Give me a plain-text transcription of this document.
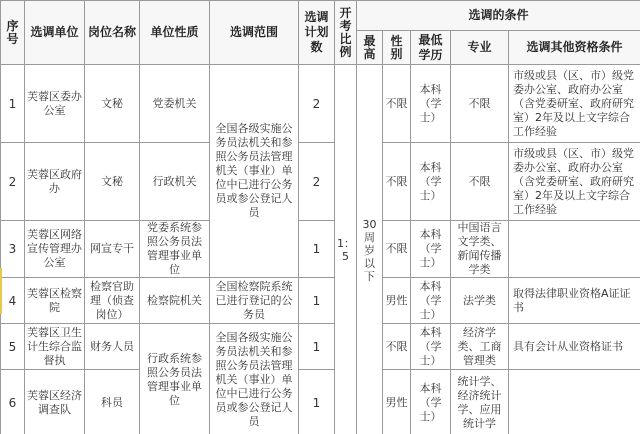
序号	选调单位	岗位名称	单位性质	选调范围	选调计划数	开考比例	选调的条件				
							最高	性别	最低学历	专业	选调其他资格条件
1	芙蓉区委办公室	文秘	党委机关	全国各级实施公务员法机关和参照公务员法管理机关（事业）单位中已进行公务员或参公登记人员	2	1：5	30周岁以下	不限	本科（学士）	不限	市级或县（区、市）级党委办公室、政府办公室（含党委研室、政府研究室）2年及以上文字综合工作经验
2	芙蓉区政府办	文秘	行政机关		2			不限	本科（学士）	不限	市级或县（区、市）级党委办公室、政府办公室（含党委研室、政府研究室）2年及以上文字综合工作经验
3	芙蓉区网络宣传管理办公室	网宣专干	党委系统参照公务员法管理事业单位		1			不限	本科（学士）	中国语言文学类、新闻传播学类	
4	芙蓉区检察院	检察官助理（侦查岗位）	检察院机关	全国检察院系统已进行登记的公务员	1			男性	本科（学士）	法学类	取得法律职业资格A证证书
5	芙蓉区卫生计生综合监督执	财务人员	行政系统参照公务员法管理事业单位	全国各级实施公务员法机关和参照公务员法管理机关（事业）单位中已进行公务员或参公登记人员	1			不限	本科（学士）	经济学类、工商管理类	具有会计从业资格证书
6	芙蓉区经济调查队	科员			1			男性	本科（学士）	统计学、经济统计学、应用统计学	
